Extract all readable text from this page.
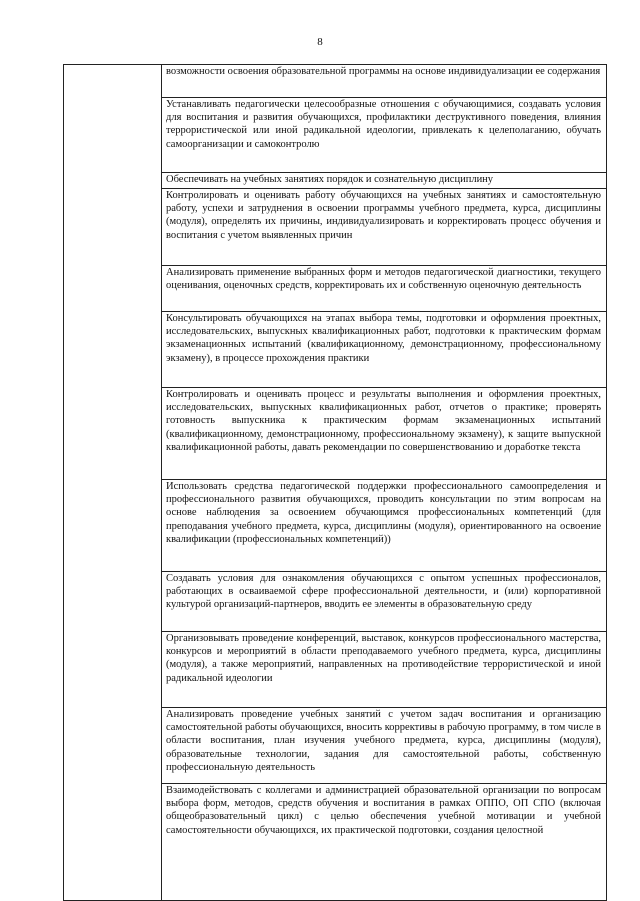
8

возможности освоения образовательной программы на основе индивидуализации ее содержания

Устанавливать педагогически целесообразные отношения с обучающимися, создавать условия для воспитания и развития обучающихся, профилактики деструктивного поведения, влияния террористической или иной радикальной идеологии, привлекать к целеполаганию, обучать самоорганизации и самоконтролю

Обеспечивать на учебных занятиях порядок и сознательную дисциплину

Контролировать и оценивать работу обучающихся на учебных занятиях и самостоятельную работу, успехи и затруднения в освоении программы учебного предмета, курса, дисциплины (модуля), определять их причины, индивидуализировать и корректировать процесс обучения и воспитания с учетом выявленных причин

Анализировать применение выбранных форм и методов педагогической диагностики, текущего оценивания, оценочных средств, корректировать их и собственную оценочную деятельность

Консультировать обучающихся на этапах выбора темы, подготовки и оформления проектных, исследовательских, выпускных квалификационных работ, подготовки к практическим формам экзаменационных испытаний (квалификационному, демонстрационному, профессиональному экзамену), в процессе прохождения практики

Контролировать и оценивать процесс и результаты выполнения и оформления проектных, исследовательских, выпускных квалификационных работ, отчетов о практике; проверять готовность выпускника к практическим формам экзаменационных испытаний (квалификационному, демонстрационному, профессиональному экзамену), к защите выпускной квалификационной работы, давать рекомендации по совершенствованию и доработке текста

Использовать средства педагогической поддержки профессионального самоопределения и профессионального развития обучающихся, проводить консультации по этим вопросам на основе наблюдения за освоением обучающимся профессиональных компетенций (для преподавания учебного предмета, курса, дисциплины (модуля), ориентированного на освоение квалификации (профессиональных компетенций))

Создавать условия для ознакомления обучающихся с опытом успешных профессионалов, работающих в осваиваемой сфере профессиональной деятельности, и (или) корпоративной культурой организаций-партнеров, вводить ее элементы в образовательную среду

Организовывать проведение конференций, выставок, конкурсов профессионального мастерства, конкурсов и мероприятий в области преподаваемого учебного предмета, курса, дисциплины (модуля), а также мероприятий, направленных на противодействие террористической и иной радикальной идеологии

Анализировать проведение учебных занятий с учетом задач воспитания и организацию самостоятельной работы обучающихся, вносить коррективы в рабочую программу, в том числе в области воспитания, план изучения учебного предмета, курса, дисциплины (модуля), образовательные технологии, задания для самостоятельной работы, собственную профессиональную деятельность

Взаимодействовать с коллегами и администрацией образовательной организации по вопросам выбора форм, методов, средств обучения и воспитания в рамках ОППО, ОП СПО (включая общеобразовательный цикл) с целью обеспечения учебной мотивации и учебной самостоятельности обучающихся, их практической подготовки, создания целостной
